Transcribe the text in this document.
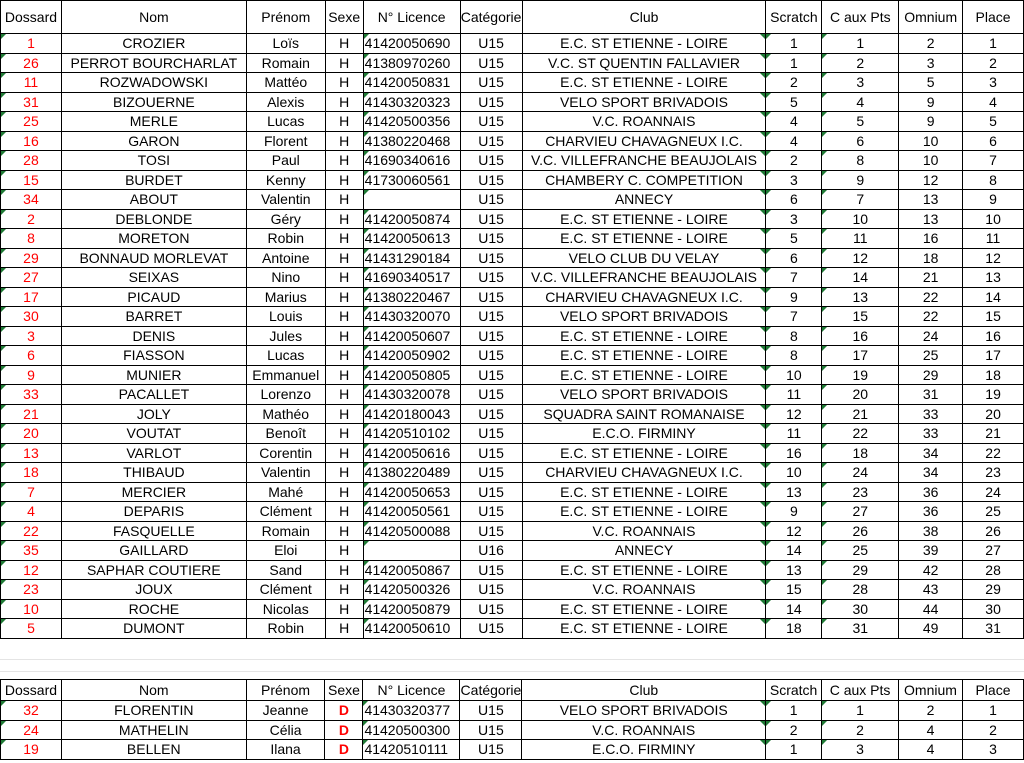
Dossard	Nom	Prénom	Sexe	N° Licence	Catégorie	Club	Scratch	C aux Pts	Omnium	Place
1	CROZIER	Loïs	H	41420050690	U15	E.C. ST ETIENNE - LOIRE	1	1	2	1
26	PERROT BOURCHARLAT	Romain	H	41380970260	U15	V.C. ST QUENTIN FALLAVIER	1	2	3	2
11	ROZWADOWSKI	Mattéo	H	41420050831	U15	E.C. ST ETIENNE - LOIRE	2	3	5	3
31	BIZOUERNE	Alexis	H	41430320323	U15	VELO SPORT BRIVADOIS	5	4	9	4
25	MERLE	Lucas	H	41420500356	U15	V.C. ROANNAIS	4	5	9	5
16	GARON	Florent	H	41380220468	U15	CHARVIEU CHAVAGNEUX I.C.	4	6	10	6
28	TOSI	Paul	H	41690340616	U15	V.C. VILLEFRANCHE BEAUJOLAIS	2	8	10	7
15	BURDET	Kenny	H	41730060561	U15	CHAMBERY C. COMPETITION	3	9	12	8
34	ABOUT	Valentin	H		U15	ANNECY	6	7	13	9
2	DEBLONDE	Géry	H	41420050874	U15	E.C. ST ETIENNE - LOIRE	3	10	13	10
8	MORETON	Robin	H	41420050613	U15	E.C. ST ETIENNE - LOIRE	5	11	16	11
29	BONNAUD MORLEVAT	Antoine	H	41431290184	U15	VELO CLUB DU VELAY	6	12	18	12
27	SEIXAS	Nino	H	41690340517	U15	V.C. VILLEFRANCHE BEAUJOLAIS	7	14	21	13
17	PICAUD	Marius	H	41380220467	U15	CHARVIEU CHAVAGNEUX I.C.	9	13	22	14
30	BARRET	Louis	H	41430320070	U15	VELO SPORT BRIVADOIS	7	15	22	15
3	DENIS	Jules	H	41420050607	U15	E.C. ST ETIENNE - LOIRE	8	16	24	16
6	FIASSON	Lucas	H	41420050902	U15	E.C. ST ETIENNE - LOIRE	8	17	25	17
9	MUNIER	Emmanuel	H	41420050805	U15	E.C. ST ETIENNE - LOIRE	10	19	29	18
33	PACALLET	Lorenzo	H	41430320078	U15	VELO SPORT BRIVADOIS	11	20	31	19
21	JOLY	Mathéo	H	41420180043	U15	SQUADRA SAINT ROMANAISE	12	21	33	20
20	VOUTAT	Benoît	H	41420510102	U15	E.C.O. FIRMINY	11	22	33	21
13	VARLOT	Corentin	H	41420050616	U15	E.C. ST ETIENNE - LOIRE	16	18	34	22
18	THIBAUD	Valentin	H	41380220489	U15	CHARVIEU CHAVAGNEUX I.C.	10	24	34	23
7	MERCIER	Mahé	H	41420050653	U15	E.C. ST ETIENNE - LOIRE	13	23	36	24
4	DEPARIS	Clément	H	41420050561	U15	E.C. ST ETIENNE - LOIRE	9	27	36	25
22	FASQUELLE	Romain	H	41420500088	U15	V.C. ROANNAIS	12	26	38	26
35	GAILLARD	Eloi	H		U16	ANNECY	14	25	39	27
12	SAPHAR COUTIERE	Sand	H	41420050867	U15	E.C. ST ETIENNE - LOIRE	13	29	42	28
23	JOUX	Clément	H	41420500326	U15	V.C. ROANNAIS	15	28	43	29
10	ROCHE	Nicolas	H	41420050879	U15	E.C. ST ETIENNE - LOIRE	14	30	44	30
5	DUMONT	Robin	H	41420050610	U15	E.C. ST ETIENNE - LOIRE	18	31	49	31
Dossard	Nom	Prénom	Sexe	N° Licence	Catégorie	Club	Scratch	C aux Pts	Omnium	Place
32	FLORENTIN	Jeanne	D	41430320377	U15	VELO SPORT BRIVADOIS	1	1	2	1
24	MATHELIN	Célia	D	41420500300	U15	V.C. ROANNAIS	2	2	4	2
19	BELLEN	Ilana	D	41420510111	U15	E.C.O. FIRMINY	1	3	4	3
